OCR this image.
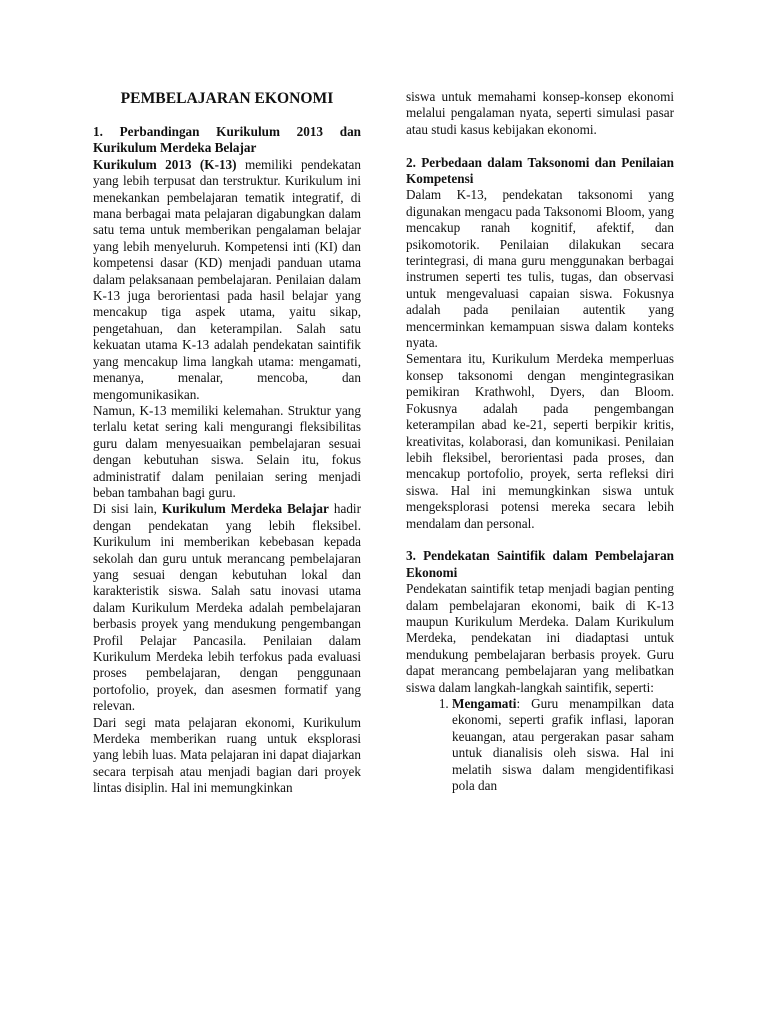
PEMBELAJARAN EKONOMI

1. Perbandingan Kurikulum 2013 dan Kurikulum Merdeka Belajar

Kurikulum 2013 (K-13) memiliki pendekatan yang lebih terpusat dan terstruktur. Kurikulum ini menekankan pembelajaran tematik integratif, di mana berbagai mata pelajaran digabungkan dalam satu tema untuk memberikan pengalaman belajar yang lebih menyeluruh. Kompetensi inti (KI) dan kompetensi dasar (KD) menjadi panduan utama dalam pelaksanaan pembelajaran. Penilaian dalam K-13 juga berorientasi pada hasil belajar yang mencakup tiga aspek utama, yaitu sikap, pengetahuan, dan keterampilan. Salah satu kekuatan utama K-13 adalah pendekatan saintifik yang mencakup lima langkah utama: mengamati, menanya, menalar, mencoba, dan mengomunikasikan.

Namun, K-13 memiliki kelemahan. Struktur yang terlalu ketat sering kali mengurangi fleksibilitas guru dalam menyesuaikan pembelajaran sesuai dengan kebutuhan siswa. Selain itu, fokus administratif dalam penilaian sering menjadi beban tambahan bagi guru.

Di sisi lain, Kurikulum Merdeka Belajar hadir dengan pendekatan yang lebih fleksibel. Kurikulum ini memberikan kebebasan kepada sekolah dan guru untuk merancang pembelajaran yang sesuai dengan kebutuhan lokal dan karakteristik siswa. Salah satu inovasi utama dalam Kurikulum Merdeka adalah pembelajaran berbasis proyek yang mendukung pengembangan Profil Pelajar Pancasila. Penilaian dalam Kurikulum Merdeka lebih terfokus pada evaluasi proses pembelajaran, dengan penggunaan portofolio, proyek, dan asesmen formatif yang relevan.

Dari segi mata pelajaran ekonomi, Kurikulum Merdeka memberikan ruang untuk eksplorasi yang lebih luas. Mata pelajaran ini dapat diajarkan secara terpisah atau menjadi bagian dari proyek lintas disiplin. Hal ini memungkinkan

siswa untuk memahami konsep-konsep ekonomi melalui pengalaman nyata, seperti simulasi pasar atau studi kasus kebijakan ekonomi.

2. Perbedaan dalam Taksonomi dan Penilaian Kompetensi

Dalam K-13, pendekatan taksonomi yang digunakan mengacu pada Taksonomi Bloom, yang mencakup ranah kognitif, afektif, dan psikomotorik. Penilaian dilakukan secara terintegrasi, di mana guru menggunakan berbagai instrumen seperti tes tulis, tugas, dan observasi untuk mengevaluasi capaian siswa. Fokusnya adalah pada penilaian autentik yang mencerminkan kemampuan siswa dalam konteks nyata.

Sementara itu, Kurikulum Merdeka memperluas konsep taksonomi dengan mengintegrasikan pemikiran Krathwohl, Dyers, dan Bloom. Fokusnya adalah pada pengembangan keterampilan abad ke-21, seperti berpikir kritis, kreativitas, kolaborasi, dan komunikasi. Penilaian lebih fleksibel, berorientasi pada proses, dan mencakup portofolio, proyek, serta refleksi diri siswa. Hal ini memungkinkan siswa untuk mengeksplorasi potensi mereka secara lebih mendalam dan personal.

3. Pendekatan Saintifik dalam Pembelajaran Ekonomi

Pendekatan saintifik tetap menjadi bagian penting dalam pembelajaran ekonomi, baik di K-13 maupun Kurikulum Merdeka. Dalam Kurikulum Merdeka, pendekatan ini diadaptasi untuk mendukung pembelajaran berbasis proyek. Guru dapat merancang pembelajaran yang melibatkan siswa dalam langkah-langkah saintifik, seperti:

1. Mengamati: Guru menampilkan data ekonomi, seperti grafik inflasi, laporan keuangan, atau pergerakan pasar saham untuk dianalisis oleh siswa. Hal ini melatih siswa dalam mengidentifikasi pola dan
